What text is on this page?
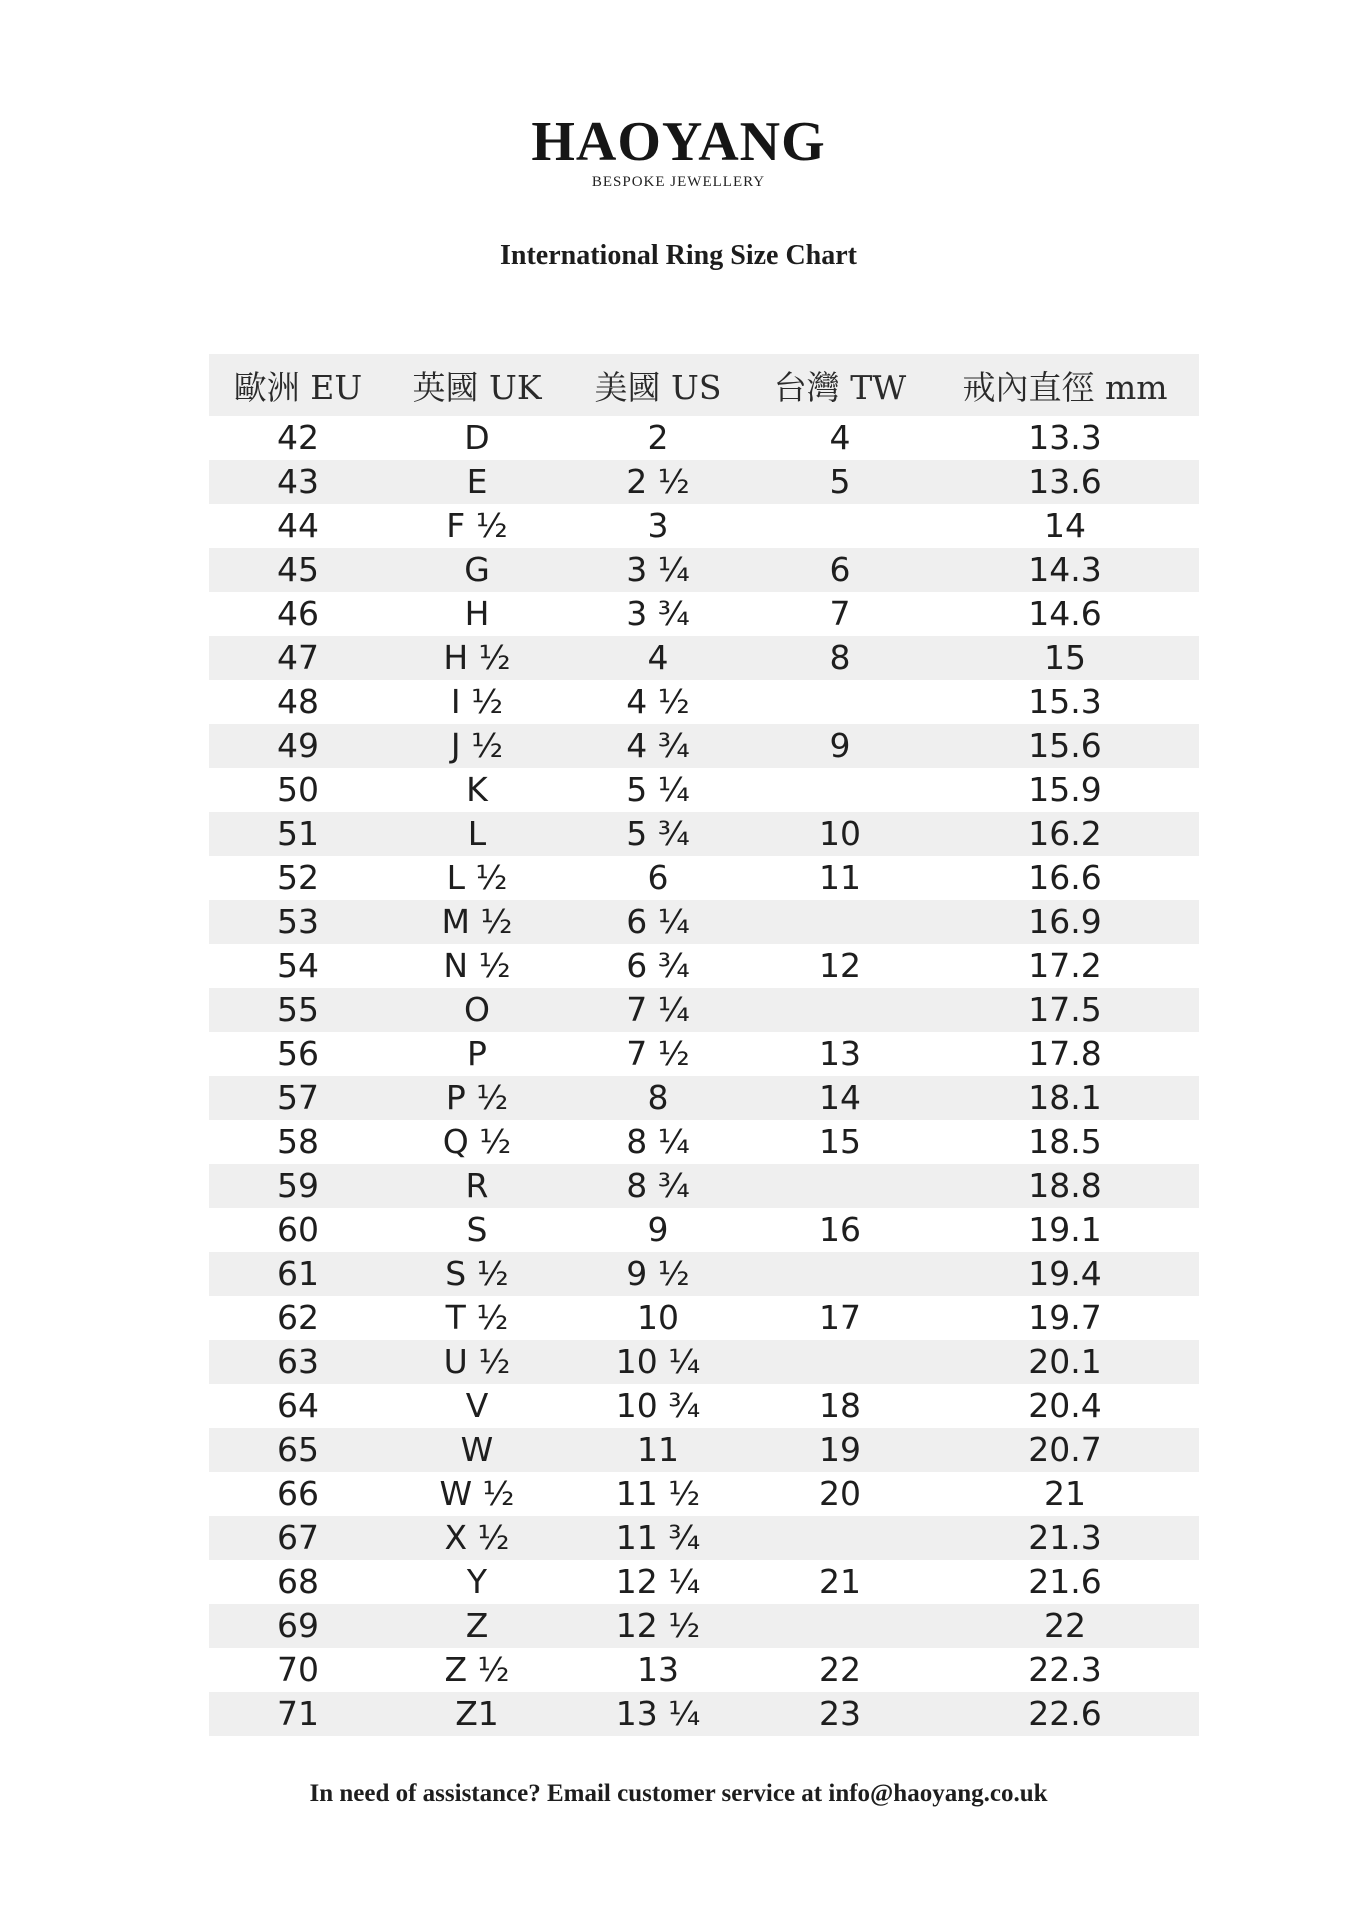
HAOYANG
BESPOKE JEWELLERY
International Ring Size Chart
歐洲 EU	英國 UK	美國 US	台灣 TW	戒內直徑 mm
42	D	2	4	13.3
43	E	2 ½	5	13.6
44	F ½	3		14
45	G	3 ¼	6	14.3
46	H	3 ¾	7	14.6
47	H ½	4	8	15
48	I ½	4 ½		15.3
49	J ½	4 ¾	9	15.6
50	K	5 ¼		15.9
51	L	5 ¾	10	16.2
52	L ½	6	11	16.6
53	M ½	6 ¼		16.9
54	N ½	6 ¾	12	17.2
55	O	7 ¼		17.5
56	P	7 ½	13	17.8
57	P ½	8	14	18.1
58	Q ½	8 ¼	15	18.5
59	R	8 ¾		18.8
60	S	9	16	19.1
61	S ½	9 ½		19.4
62	T ½	10	17	19.7
63	U ½	10 ¼		20.1
64	V	10 ¾	18	20.4
65	W	11	19	20.7
66	W ½	11 ½	20	21
67	X ½	11 ¾		21.3
68	Y	12 ¼	21	21.6
69	Z	12 ½		22
70	Z ½	13	22	22.3
71	Z1	13 ¼	23	22.6
In need of assistance? Email customer service at info@haoyang.co.uk
